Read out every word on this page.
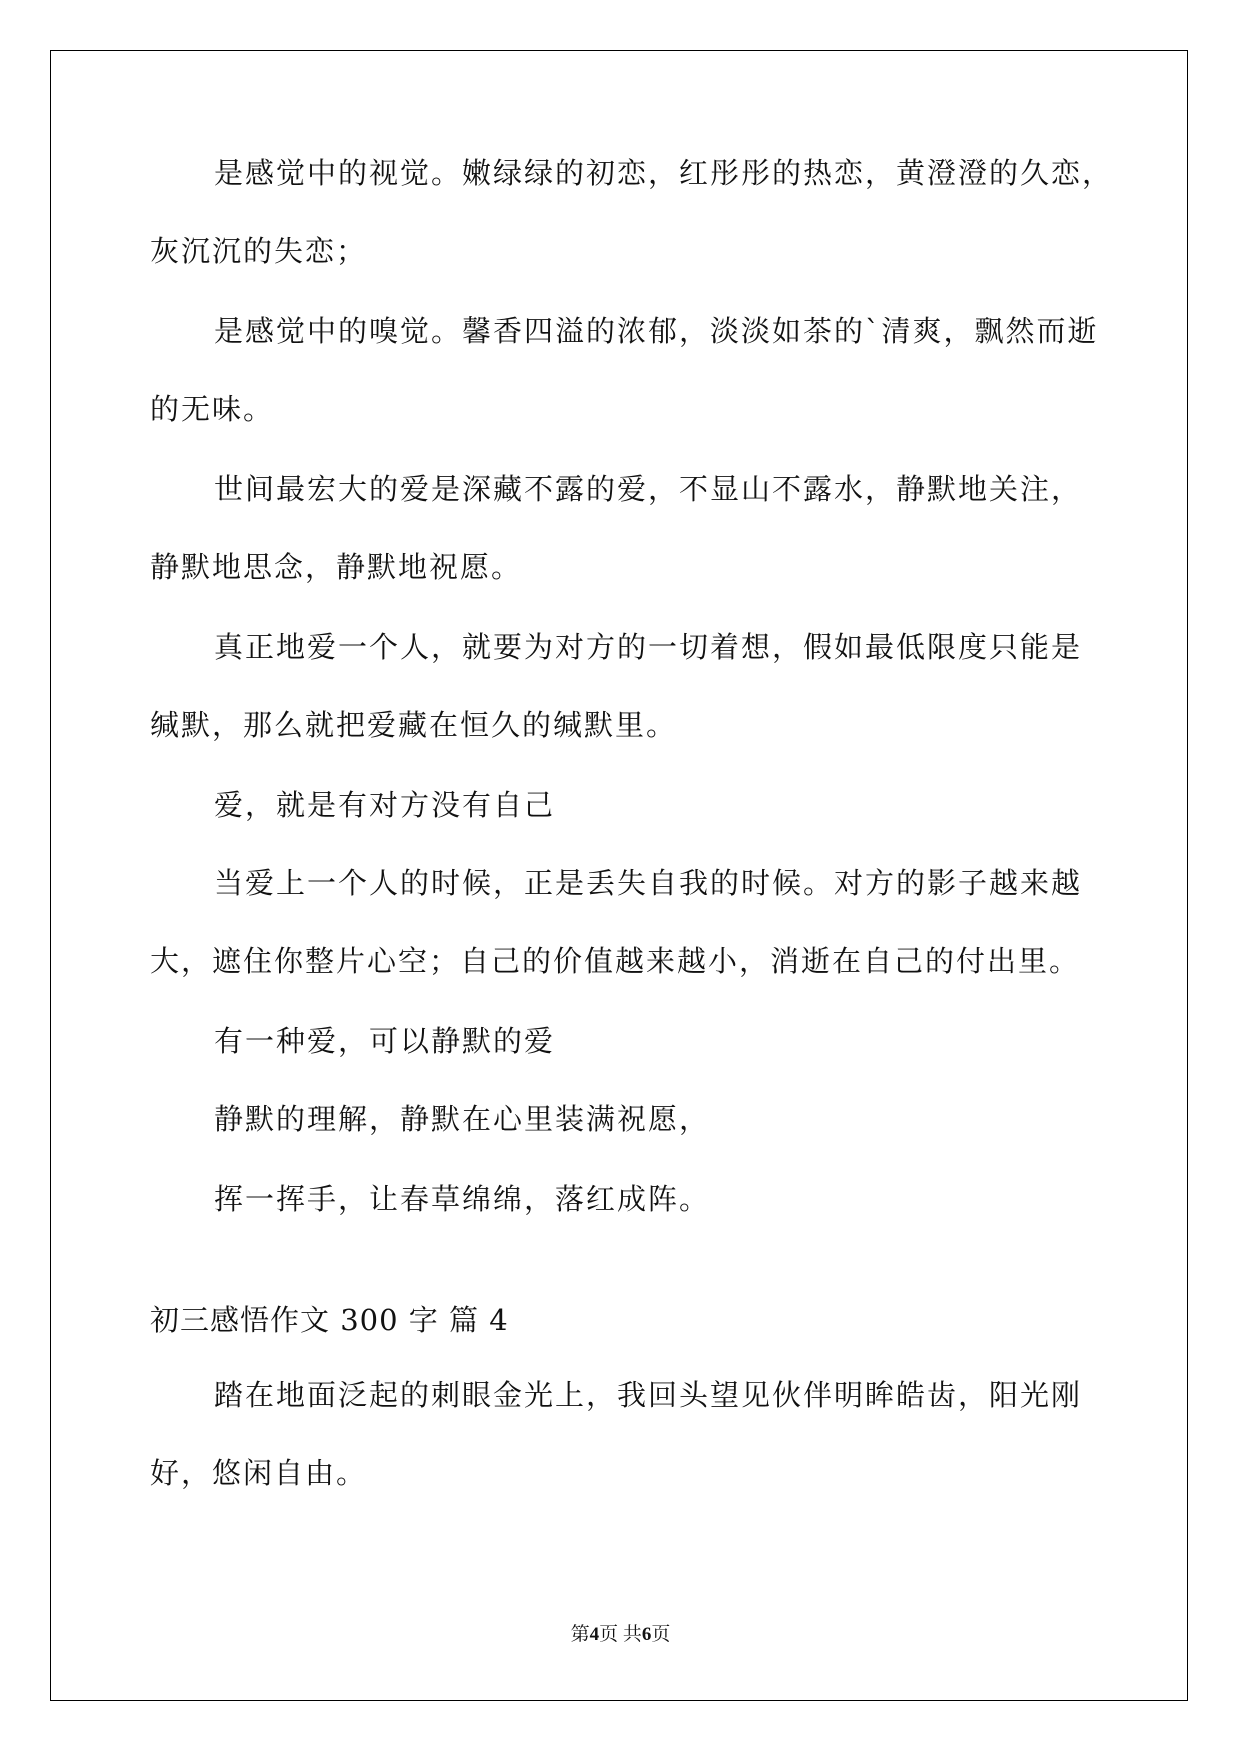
是感觉中的视觉。嫩绿绿的初恋，红彤彤的热恋，黄澄澄的久恋，

灰沉沉的失恋；

是感觉中的嗅觉。馨香四溢的浓郁，淡淡如茶的`清爽，飘然而逝

的无味。

世间最宏大的爱是深藏不露的爱，不显山不露水，静默地关注，

静默地思念，静默地祝愿。

真正地爱一个人，就要为对方的一切着想，假如最低限度只能是

缄默，那么就把爱藏在恒久的缄默里。

爱，就是有对方没有自己

当爱上一个人的时候，正是丢失自我的时候。对方的影子越来越

大，遮住你整片心空；自己的价值越来越小，消逝在自己的付出里。

有一种爱，可以静默的爱

静默的理解，静默在心里装满祝愿，

挥一挥手，让春草绵绵，落红成阵。

初三感悟作文 300 字 篇 4

踏在地面泛起的刺眼金光上，我回头望见伙伴明眸皓齿，阳光刚

好，悠闲自由。

第4页 共6页
